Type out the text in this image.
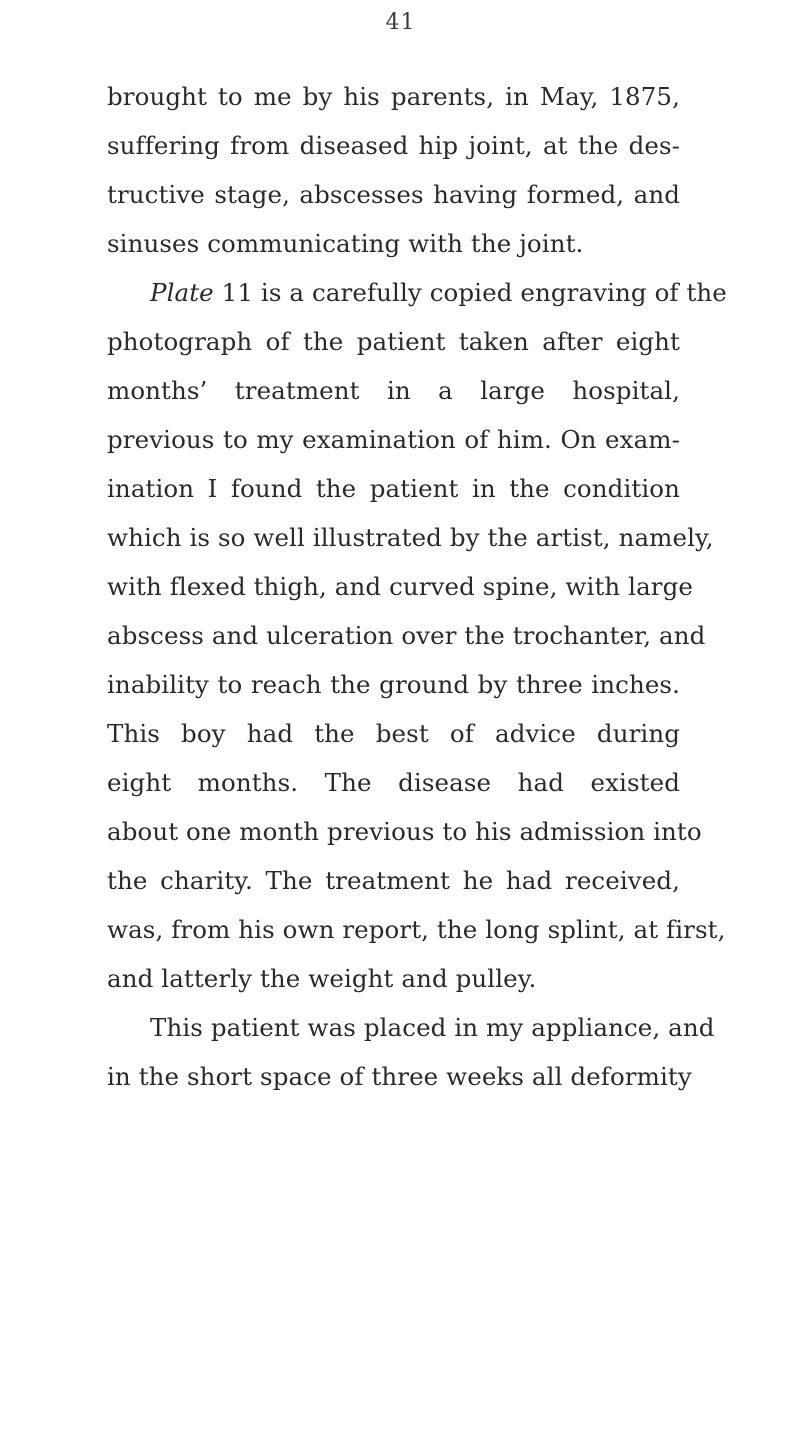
41
brought to me by his parents, in May, 1875,
suffering from diseased hip joint, at the des-
tructive stage, abscesses having formed, and
sinuses communicating with the joint.
Plate 11 is a carefully copied engraving of the
photograph of the patient taken after eight
months’ treatment in a large hospital,
previous to my examination of him. On exam-
ination I found the patient in the condition
which is so well illustrated by the artist, namely,
with flexed thigh, and curved spine, with large
abscess and ulceration over the trochanter, and
inability to reach the ground by three inches.
This boy had the best of advice during
eight months. The disease had existed
about one month previous to his admission into
the charity. The treatment he had received,
was, from his own report, the long splint, at first,
and latterly the weight and pulley.
This patient was placed in my appliance, and
in the short space of three weeks all deformity
